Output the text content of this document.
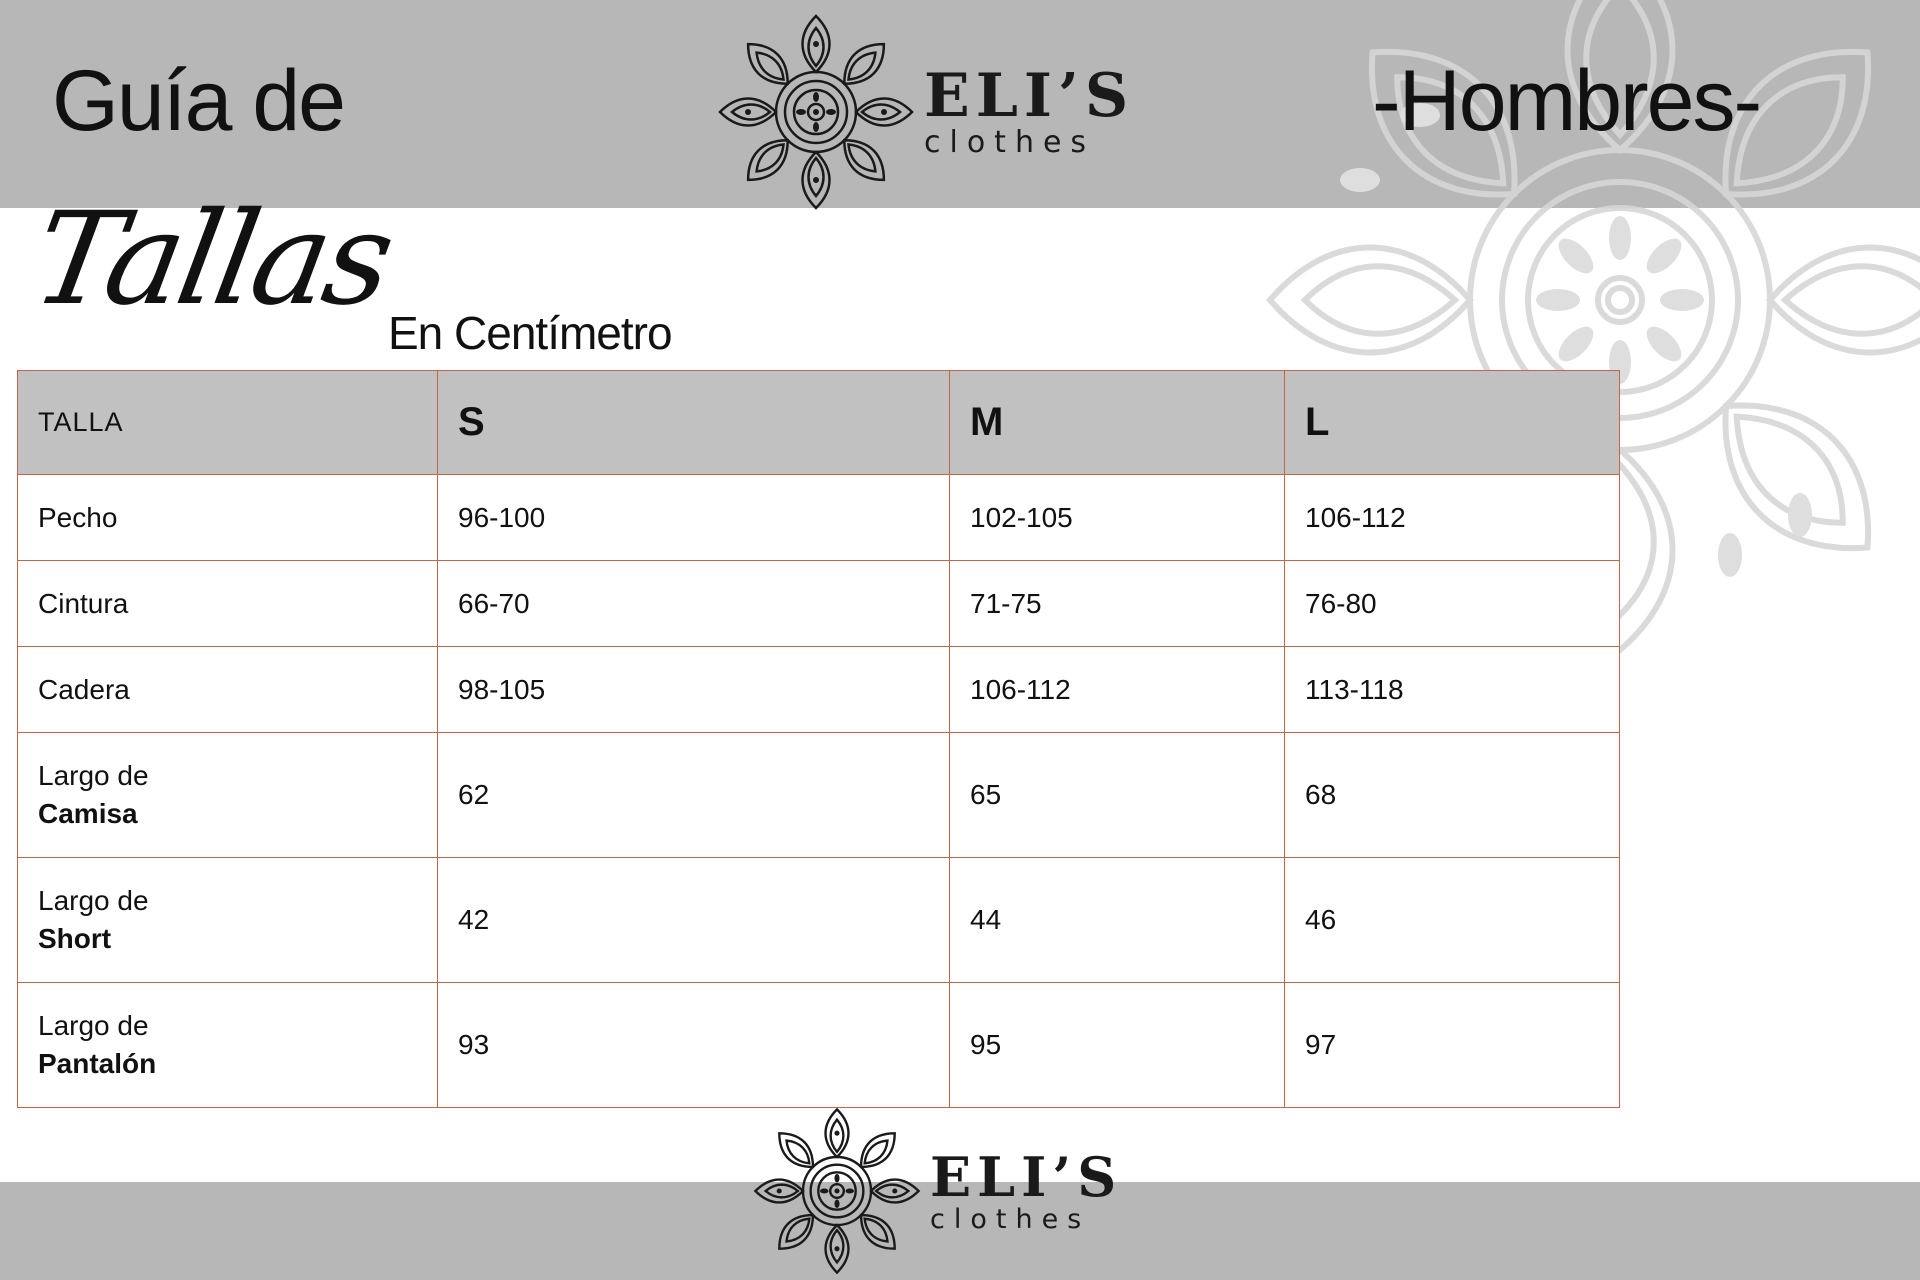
Guía de	-Hombres-
ELI’S
clothes
Tallas
En Centímetro
TALLA	S	M	L
Pecho	96-100	102-105	106-112
Cintura	66-70	71-75	76-80
Cadera	98-105	106-112	113-118

Largo de
Camisa	62	65	68

Largo de
Short	42	44	46

Largo de
Pantalón	93	95	97
ELI’S
clothes
